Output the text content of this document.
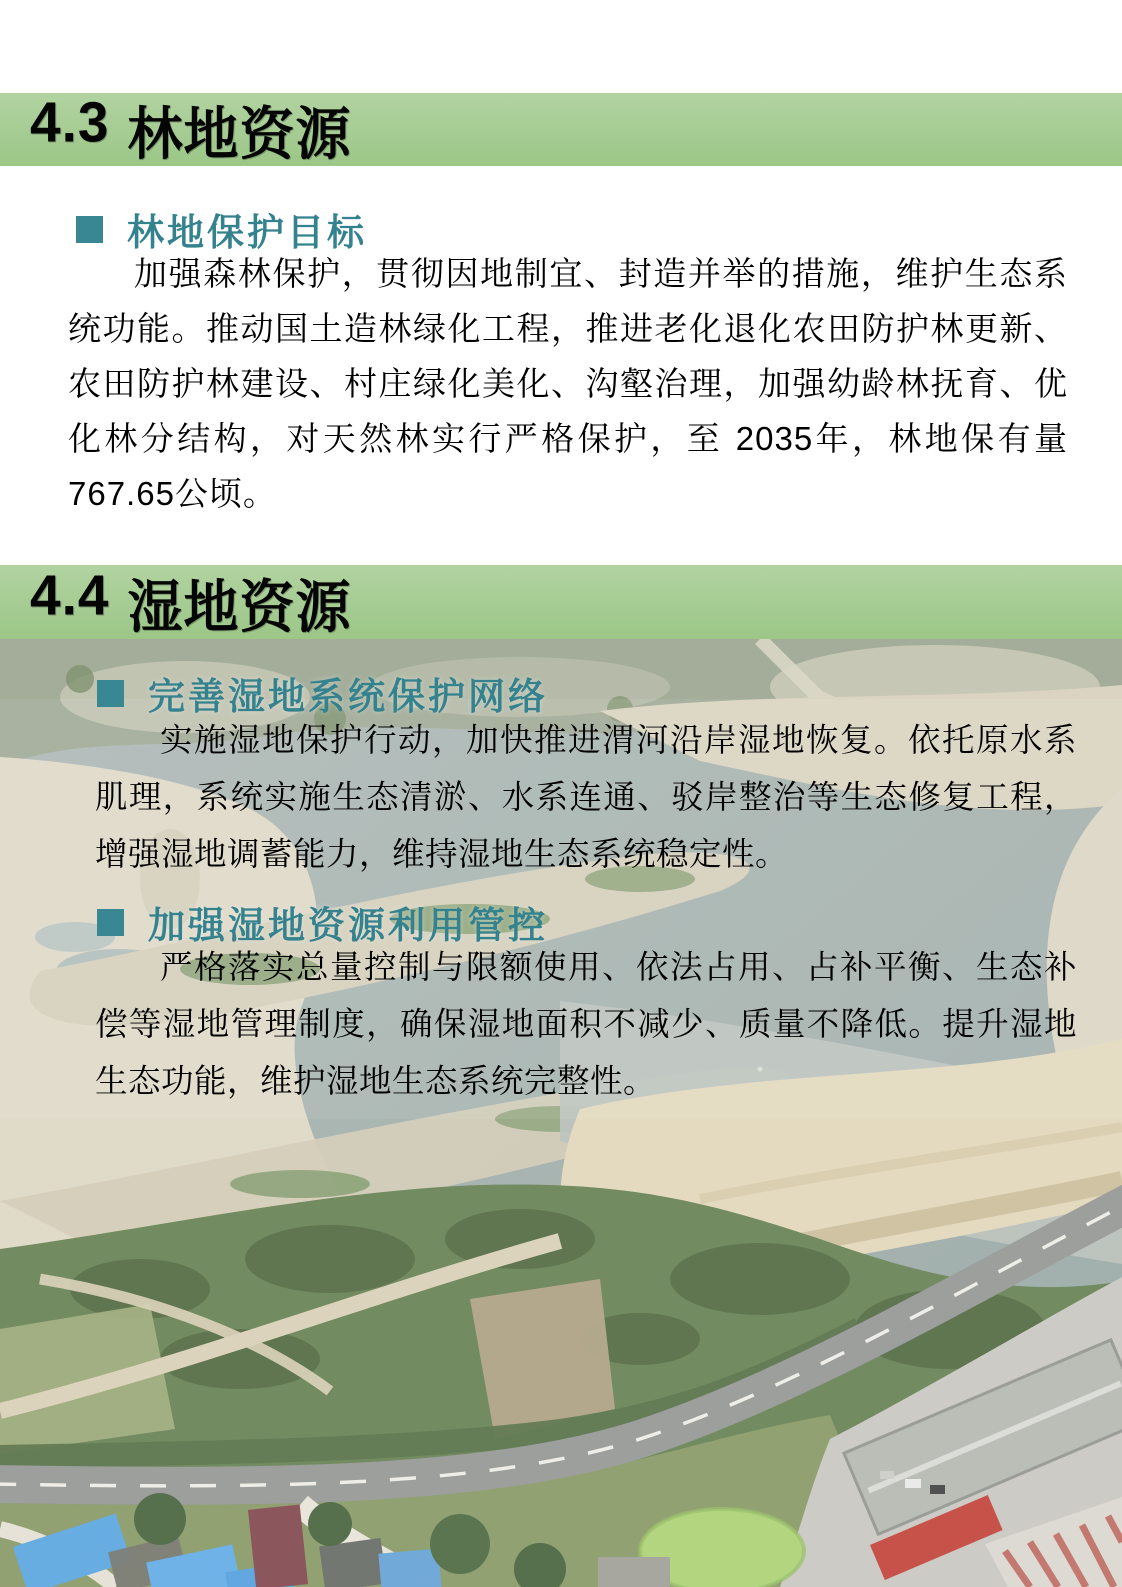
4.3 林地资源
林地保护目标

加强森林保护，贯彻因地制宜、封造并举的措施，维护生态系统功能。推动国土造林绿化工程，推进老化退化农田防护林更新、农田防护林建设、村庄绿化美化、沟壑治理，加强幼龄林抚育、优化林分结构，对天然林实行严格保护，至 2035年，林地保有量767.65公顷。

4.4 湿地资源
完善湿地系统保护网络

实施湿地保护行动，加快推进渭河沿岸湿地恢复。依托原水系肌理，系统实施生态清淤、水系连通、驳岸整治等生态修复工程，增强湿地调蓄能力，维持湿地生态系统稳定性。

加强湿地资源利用管控

严格落实总量控制与限额使用、依法占用、占补平衡、生态补偿等湿地管理制度，确保湿地面积不减少、质量不降低。提升湿地生态功能，维护湿地生态系统完整性。
